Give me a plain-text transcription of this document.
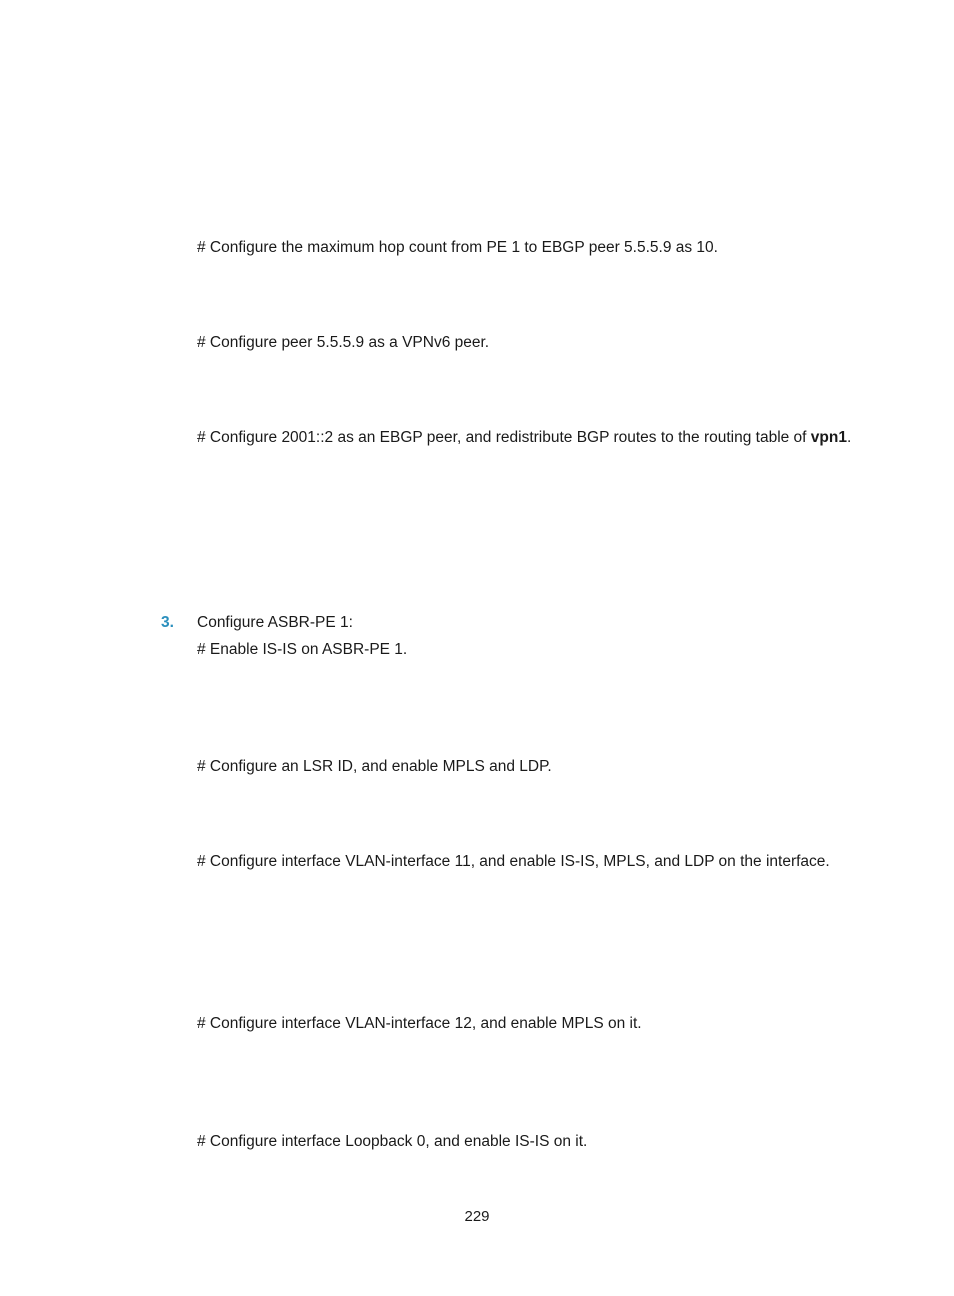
# Configure the maximum hop count from PE 1 to EBGP peer 5.5.5.9 as 10.
# Configure peer 5.5.5.9 as a VPNv6 peer.
# Configure 2001::2 as an EBGP peer, and redistribute BGP routes to the routing table of vpn1.
3. Configure ASBR-PE 1:
# Enable IS-IS on ASBR-PE 1.
# Configure an LSR ID, and enable MPLS and LDP.
# Configure interface VLAN-interface 11, and enable IS-IS, MPLS, and LDP on the interface.
# Configure interface VLAN-interface 12, and enable MPLS on it.
# Configure interface Loopback 0, and enable IS-IS on it.
229
